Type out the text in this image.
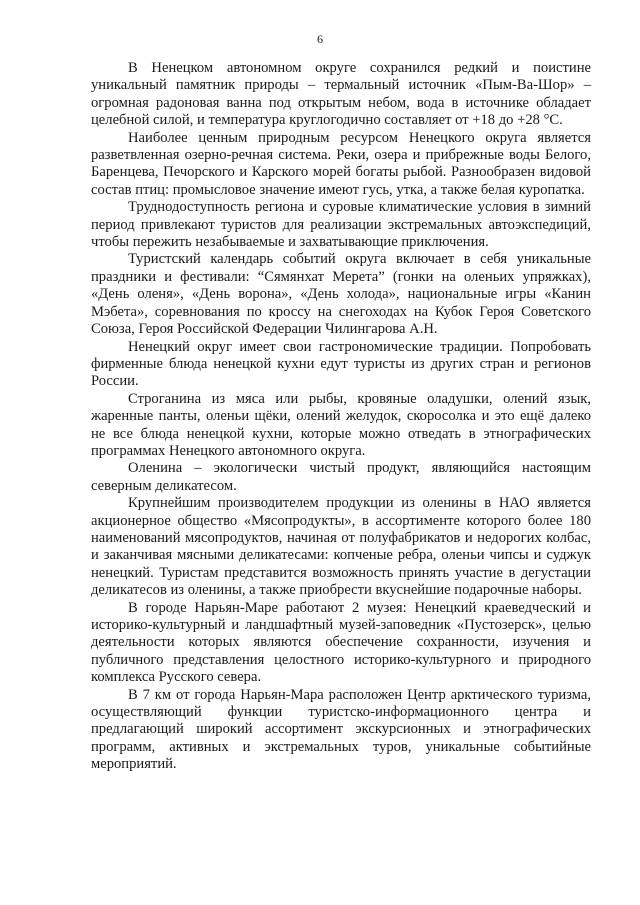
6

В Ненецком автономном округе сохранился редкий и поистине уникальный памятник природы – термальный источник «Пым-Ва-Шор» – огромная радоновая ванна под открытым небом, вода в источнике обладает целебной силой, и температура круглогодично составляет от +18 до +28 °С.

Наиболее ценным природным ресурсом Ненецкого округа является разветвленная озерно-речная система. Реки, озера и прибрежные воды Белого, Баренцева, Печорского и Карского морей богаты рыбой. Разнообразен видовой состав птиц: промысловое значение имеют гусь, утка, а также белая куропатка.

Труднодоступность региона и суровые климатические условия в зимний период привлекают туристов для реализации экстремальных автоэкспедиций, чтобы пережить незабываемые и захватывающие приключения.

Туристский календарь событий округа включает в себя уникальные праздники и фестивали: “Сямянхат Мерета” (гонки на оленьих упряжках), «День оленя», «День ворона», «День холода», национальные игры «Канин Мэбета», соревнования по кроссу на снегоходах на Кубок Героя Советского Союза, Героя Российской Федерации Чилингарова А.Н.

Ненецкий округ имеет свои гастрономические традиции. Попробовать фирменные блюда ненецкой кухни едут туристы из других стран и регионов России.

Строганина из мяса или рыбы, кровяные оладушки, олений язык, жаренные панты, оленьи щёки, олений желудок, скоросолка и это ещё далеко не все блюда ненецкой кухни, которые можно отведать в этнографических программах Ненецкого автономного округа.

Оленина – экологически чистый продукт, являющийся настоящим северным деликатесом.

Крупнейшим производителем продукции из оленины в НАО является акционерное общество «Мясопродукты», в ассортименте которого более 180 наименований мясопродуктов, начиная от полуфабрикатов и недорогих колбас, и заканчивая мясными деликатесами: копченые ребра, оленьи чипсы и суджук ненецкий. Туристам представится возможность принять участие в дегустации деликатесов из оленины, а также приобрести вкуснейшие подарочные наборы.

В городе Нарьян-Маре работают 2 музея: Ненецкий краеведческий и историко-культурный и ландшафтный музей-заповедник «Пустозерск», целью деятельности которых являются обеспечение сохранности, изучения и публичного представления целостного историко-культурного и природного комплекса Русского севера.

В 7 км от города Нарьян-Мара расположен Центр арктического туризма, осуществляющий функции туристско-информационного центра и предлагающий широкий ассортимент экскурсионных и этнографических программ, активных и экстремальных туров, уникальные событийные мероприятий.
